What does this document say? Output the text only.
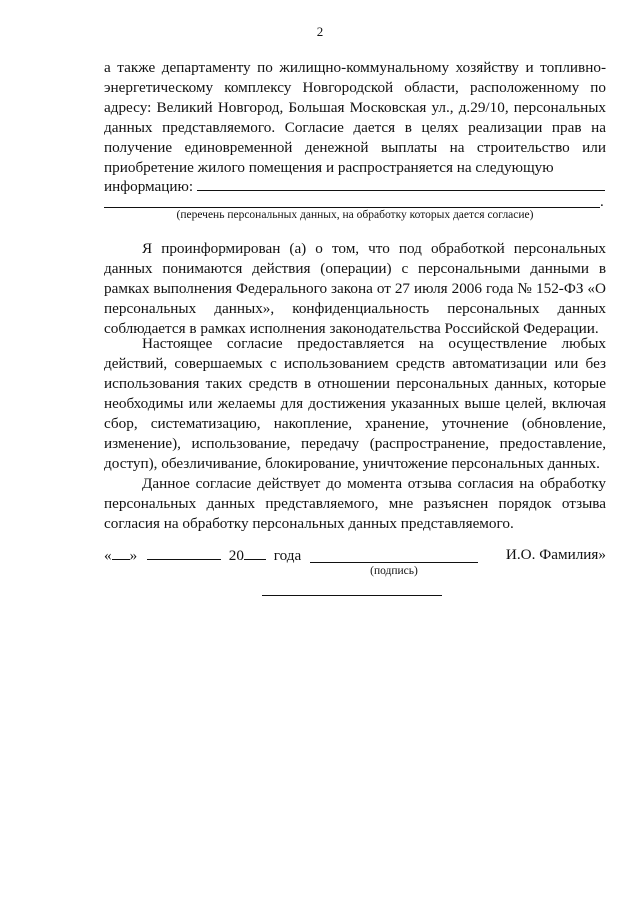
2

а также департаменту по жилищно-коммунальному хозяйству и топливно-энергетическому комплексу Новгородской области, расположенному по адресу: Великий Новгород, Большая Московская ул., д.29/10, персональных данных представляемого. Согласие дается в целях реализации прав на получение единовременной денежной выплаты на строительство или приобретение жилого помещения и распространяется на следующую

информацию:
.
(перечень персональных данных, на обработку которых дается согласие)

Я проинформирован (а) о том, что под обработкой персональных данных понимаются действия (операции) с персональными данными в рамках выполнения Федерального закона от 27 июля 2006 года № 152-ФЗ «О персональных данных», конфиденциальность персональных данных соблюдается в рамках исполнения законодательства Российской Федерации.

Настоящее согласие предоставляется на осуществление любых действий, совершаемых с использованием средств автоматизации или без использования таких средств в отношении персональных данных, которые необходимы или желаемы для достижения указанных выше целей, включая сбор, систематизацию, накопление, хранение, уточнение (обновление, изменение), использование, передачу (распространение, предоставление, доступ), обезличивание, блокирование, уничтожение персональных данных.

Данное согласие действует до момента отзыва согласия на обработку персональных данных представляемого, мне разъяснен порядок отзыва согласия на обработку персональных данных представляемого.

« »	20 года	И.О. Фамилия»
(подпись)
